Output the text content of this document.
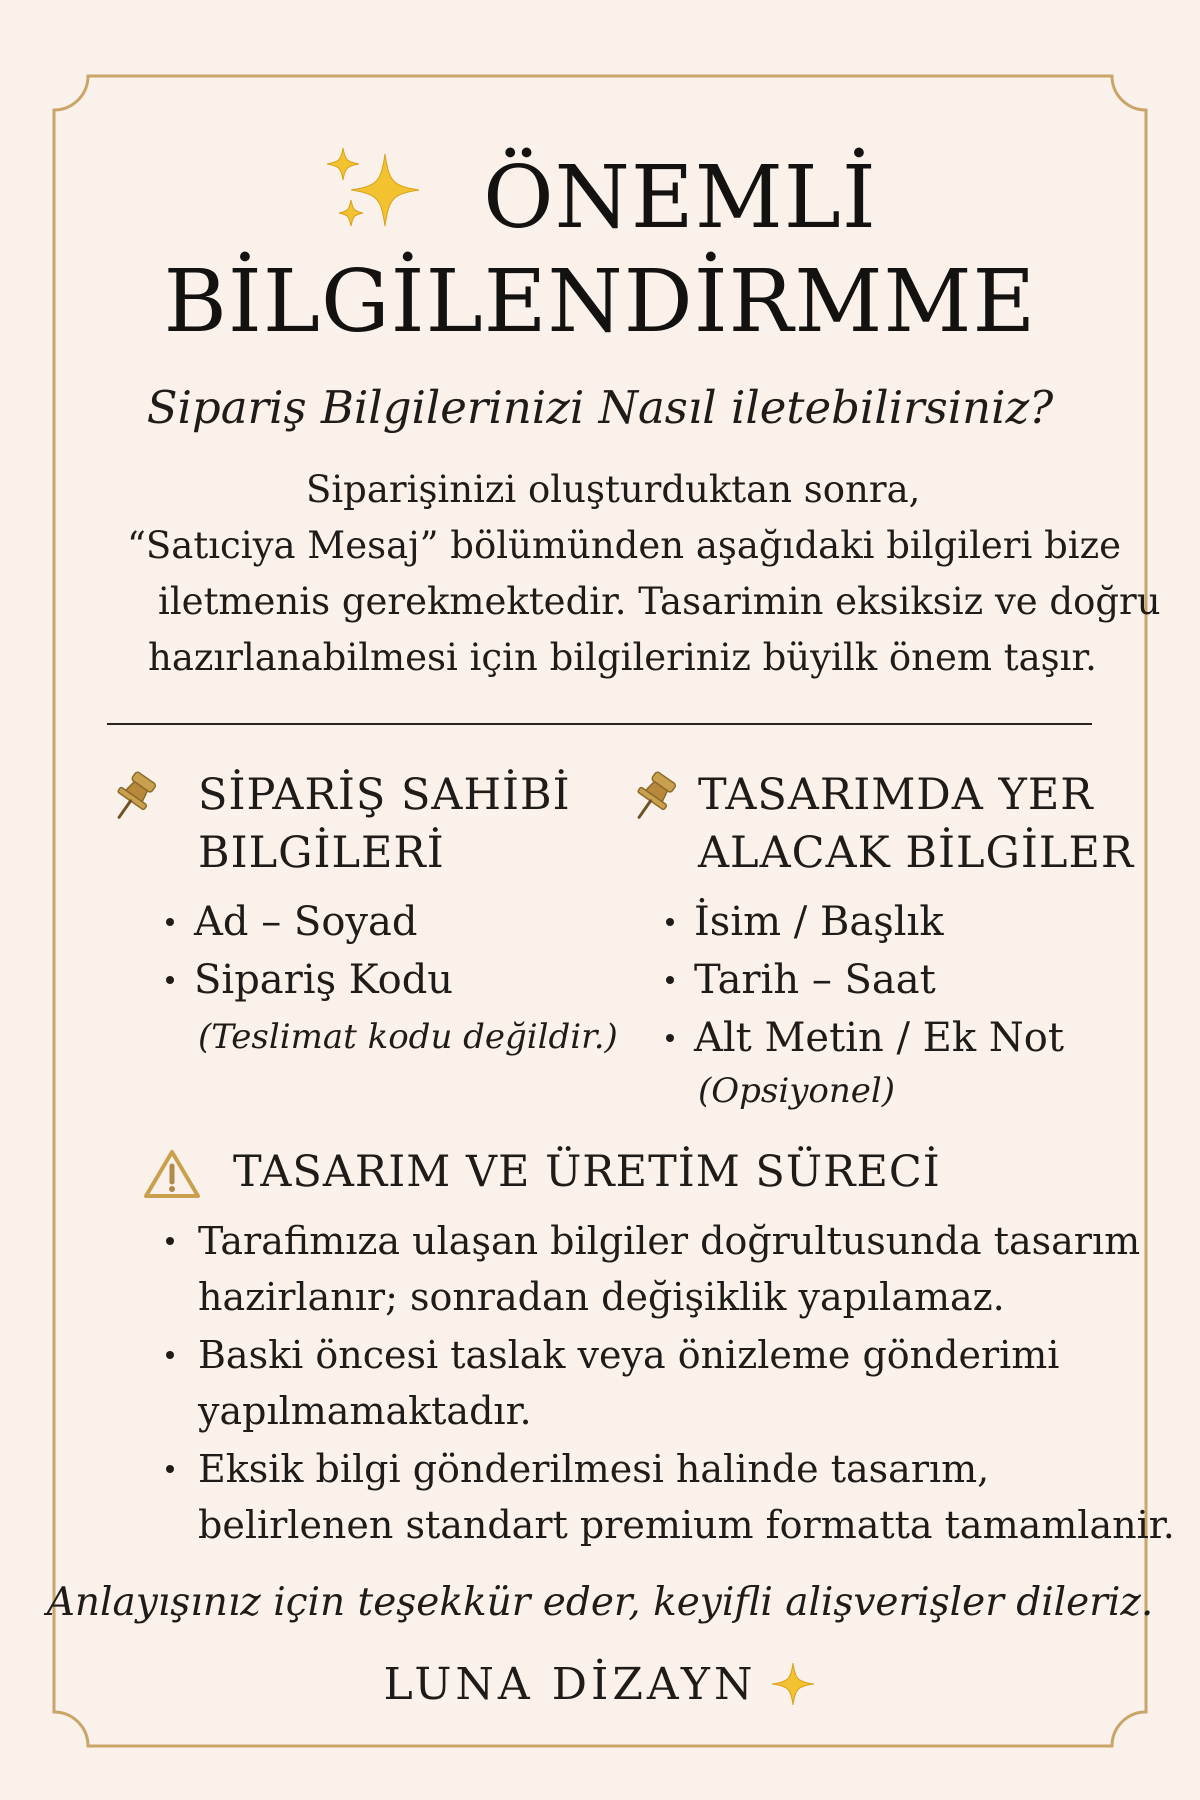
ÖNEMLİ
BİLGİLENDİRMME
Sipariş Bilgilerinizi Nasıl iletebilirsiniz?
Siparişinizi oluşturduktan sonra,
“Satıciya Mesaj” bölümünden aşağıdaki bilgileri bize
iletmenis gerekmektedir. Tasarimin eksiksiz ve doğru
hazırlanabilmesi için bilgileriniz büyilk önem taşır.
SİPARİŞ SAHİBİ
BILGİLERİ
Ad – Soyad
Sipariş Kodu
(Teslimat kodu değildir.)
TASARIMDA YER
ALACAK BİLGİLER
İsim / Başlık
Tarih – Saat
Alt Metin / Ek Not
(Opsiyonel)
TASARIM VE ÜRETİM SÜRECİ
Tarafimıza ulaşan bilgiler doğrultusunda tasarım
hazirlanır; sonradan değişiklik yapılamaz.
Baski öncesi taslak veya önizleme gönderimi
yapılmamaktadır.
Eksik bilgi gönderilmesi halinde tasarım,
belirlenen standart premium formatta tamamlanir.
Anlayışınız için teşekkür eder, keyifli alişverişler dileriz.
LUNA DİZAYN
